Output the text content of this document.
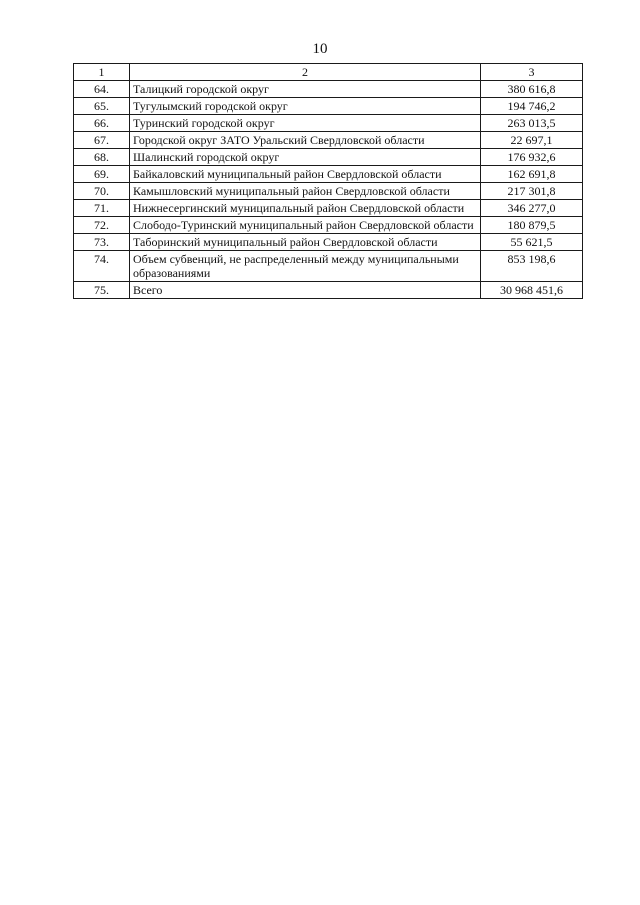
10
1	2	3
64.	Талицкий городской округ	380 616,8
65.	Тугулымский городской округ	194 746,2
66.	Туринский городской округ	263 013,5
67.	Городской округ ЗАТО Уральский Свердловской области	22 697,1
68.	Шалинский городской округ	176 932,6
69.	Байкаловский муниципальный район Свердловской области	162 691,8
70.	Камышловский муниципальный район Свердловской области	217 301,8
71.	Нижнесергинский муниципальный район Свердловской области	346 277,0
72.	Слободо-Туринский муниципальный район Свердловской области	180 879,5
73.	Таборинский муниципальный район Свердловской области	55 621,5
74.	Объем субвенций, не распределенный между муниципальными образованиями	853 198,6
75.	Всего	30 968 451,6
